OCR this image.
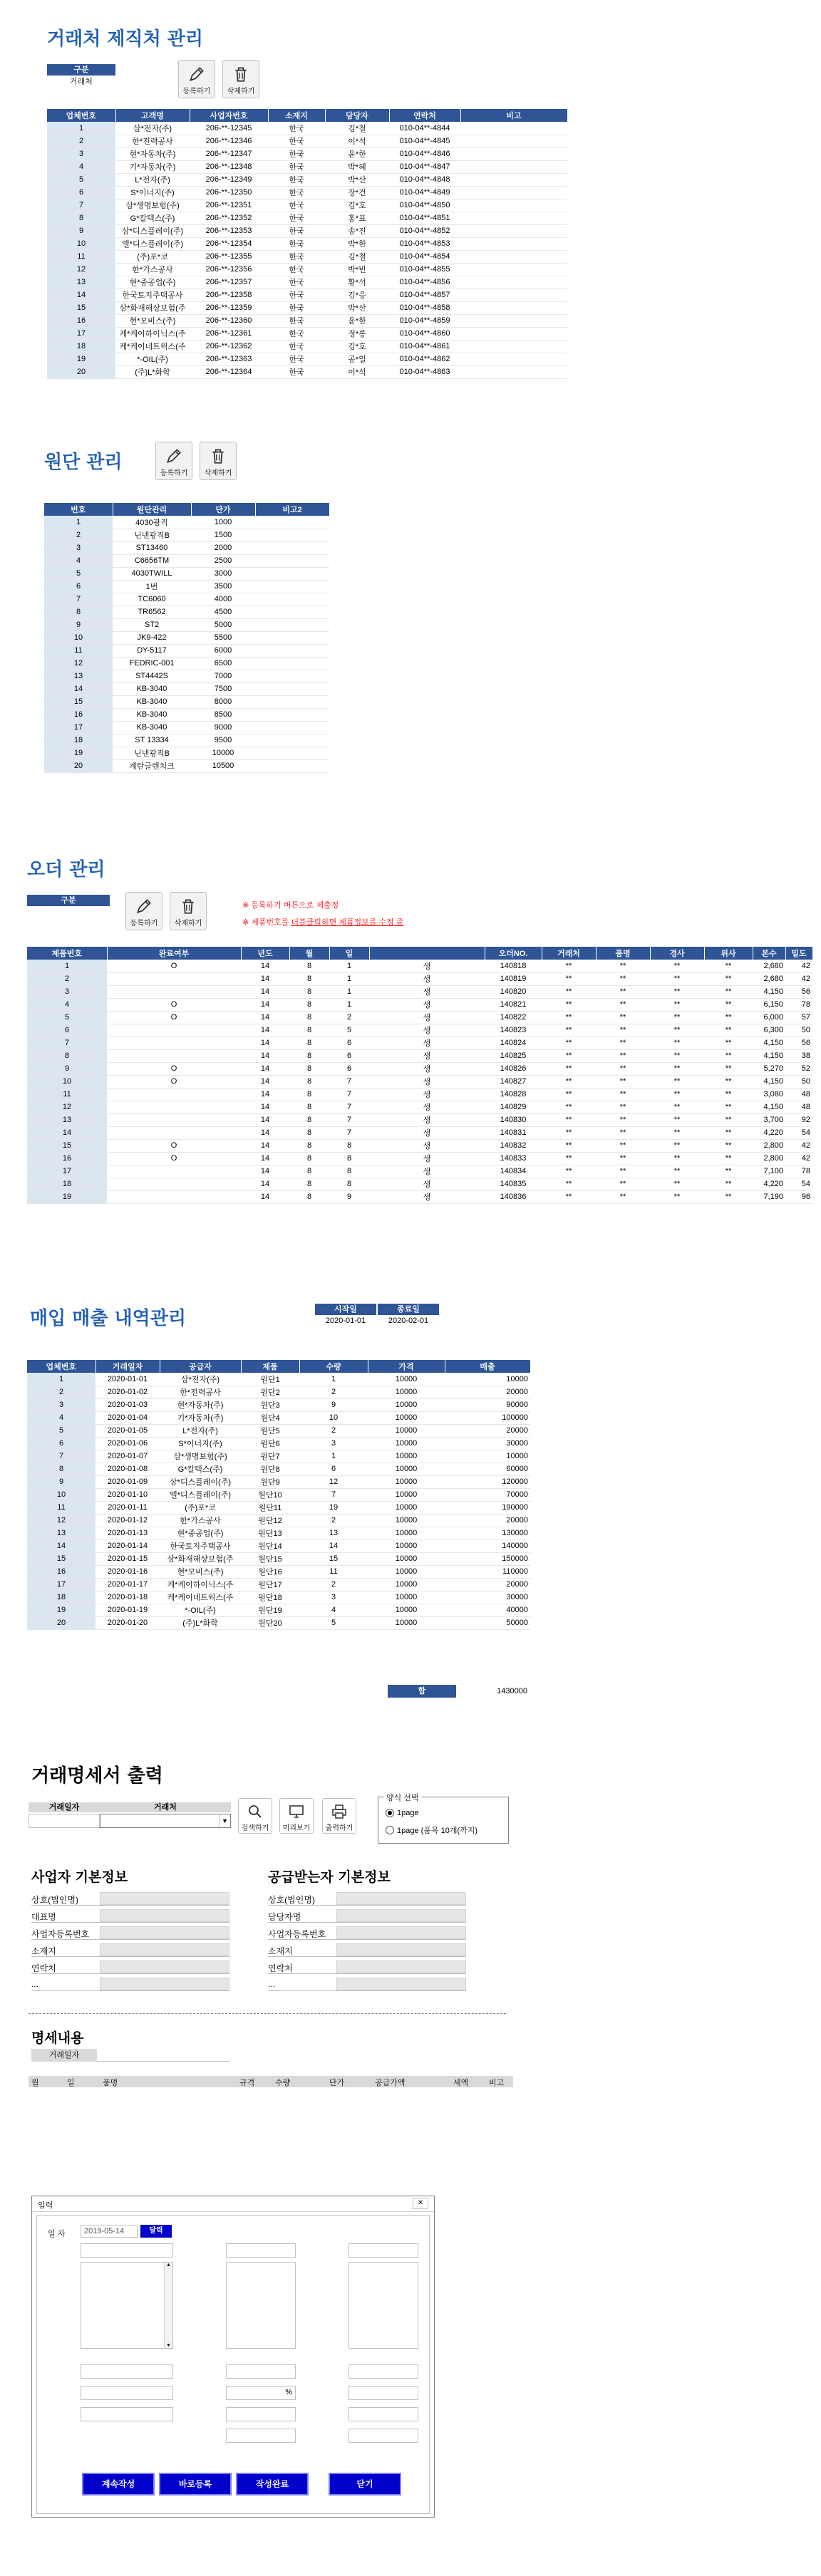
거래처 제직처 관리
구분
거래처
등록하기	삭제하기
업체번호	고객명	사업자번호	소재지	담당자	연락처	비고
1	삼*전자(주)	206-**-12345	한국	김*철	010-04**-4844	
2	한*전력공사	206-**-12346	한국	이*석	010-04**-4845	
3	현*자동차(주)	206-**-12347	한국	윤*한	010-04**-4846	
4	기*자동차(주)	206-**-12348	한국	박*혜	010-04**-4847	
5	L*전자(주)	206-**-12349	한국	박*산	010-04**-4848	
6	S*이너지(주)	206-**-12350	한국	장*건	010-04**-4849	
7	삼*생명보험(주)	206-**-12351	한국	김*호	010-04**-4850	
8	G*칼텍스(주)	206-**-12352	한국	홍*표	010-04**-4851	
9	삼*디스플레이(주)	206-**-12353	한국	송*진	010-04**-4852	
10	엘*디스플레이(주)	206-**-12354	한국	박*한	010-04**-4853	
11	(주)포*코	206-**-12355	한국	김*철	010-04**-4854	
12	한*가스공사	206-**-12356	한국	박*빈	010-04**-4855	
13	현*중공업(주)	206-**-12357	한국	황*석	010-04**-4856	
14	한국토지주택공사	206-**-12358	한국	김*응	010-04**-4857	
15	삼*화재해상보험(주	206-**-12359	한국	박*산	010-04**-4858	
16	현*모비스(주)	206-**-12360	한국	윤*한	010-04**-4859	
17	케*케이하이닉스(주	206-**-12361	한국	정*롱	010-04**-4860	
18	케*케이네트웍스(주	206-**-12362	한국	김*호	010-04**-4861	
19	*-OIL(주)	206-**-12363	한국	공*일	010-04**-4862	
20	(주)L*화학	206-**-12364	한국	이*석	010-04**-4863	
원단 관리
등록하기	삭제하기
번호	원단관리	단가	비고2
1	4030광직	1000	
2	닌넨광직B	1500	
3	ST13460	2000	
4	C6656TM	2500	
5	4030TWILL	3000	
6	1번	3500	
7	TC6060	4000	
8	TR6562	4500	
9	ST2	5000	
10	JK9-422	5500	
11	DY-5117	6000	
12	FEDRIC-001	6500	
13	ST4442S	7000	
14	KB-3040	7500	
15	KB-3040	8000	
16	KB-3040	8500	
17	KB-3040	9000	
18	ST 13334	9500	
19	닌넨광직B	10000	
20	계란글렌치크	10500	
오더 관리
구분
등록하기	삭제하기
※ 등록하기 버튼으로 제출정
※ 제품번호를 더블클릭하면 제품정보를 수정 중
제품번호	완료여부	년도	월	일		오더NO.	거래처	품명	경사	위사	본수	밀도
1	O	14	8	1	생	140818	**	**	**	**	2,680	42
2		14	8	1	생	140819	**	**	**	**	2,680	42
3		14	8	1	생	140820	**	**	**	**	4,150	56
4	O	14	8	1	생	140821	**	**	**	**	6,150	78
5	O	14	8	2	생	140822	**	**	**	**	6,000	57
6		14	8	5	생	140823	**	**	**	**	6,300	50
7		14	8	6	생	140824	**	**	**	**	4,150	56
8		14	8	6	생	140825	**	**	**	**	4,150	38
9	O	14	8	6	생	140826	**	**	**	**	5,270	52
10	O	14	8	7	생	140827	**	**	**	**	4,150	50
11		14	8	7	생	140828	**	**	**	**	3,080	48
12		14	8	7	생	140829	**	**	**	**	4,150	48
13		14	8	7	생	140830	**	**	**	**	3,700	92
14		14	8	7	생	140831	**	**	**	**	4,220	54
15	O	14	8	8	생	140832	**	**	**	**	2,800	42
16	O	14	8	8	생	140833	**	**	**	**	2,800	42
17		14	8	8	생	140834	**	**	**	**	7,100	78
18		14	8	8	생	140835	**	**	**	**	4,220	54
19		14	8	9	생	140836	**	**	**	**	7,190	96
매입 매출 내역관리	시작일
2020-01-01
종료일
2020-02-01
업체번호	거래일자	공급자	제품	수량	가격	매출
1	2020-01-01	삼*전자(주)	원단1	1	10000	10000
2	2020-01-02	한*전력공사	원단2	2	10000	20000
3	2020-01-03	현*자동차(주)	원단3	9	10000	90000
4	2020-01-04	기*자동차(주)	원단4	10	10000	100000
5	2020-01-05	L*전자(주)	원단5	2	10000	20000
6	2020-01-06	S*이너지(주)	원단6	3	10000	30000
7	2020-01-07	삼*생명보험(주)	원단7	1	10000	10000
8	2020-01-08	G*칼텍스(주)	원단8	6	10000	60000
9	2020-01-09	삼*디스플레이(주)	원단9	12	10000	120000
10	2020-01-10	엘*디스플레이(주)	원단10	7	10000	70000
11	2020-01-11	(주)포*코	원단11	19	10000	190000
12	2020-01-12	한*가스공사	원단12	2	10000	20000
13	2020-01-13	현*중공업(주)	원단13	13	10000	130000
14	2020-01-14	한국토지주택공사	원단14	14	10000	140000
15	2020-01-15	삼*화재해상보험(주	원단15	15	10000	150000
16	2020-01-16	현*모비스(주)	원단16	11	10000	110000
17	2020-01-17	케*케이하이닉스(주	원단17	2	10000	20000
18	2020-01-18	케*케이네트웍스(주	원단18	3	10000	30000
19	2020-01-19	*-OIL(주)	원단19	4	10000	40000
20	2020-01-20	(주)L*화학	원단20	5	10000	50000
합	1430000
거래명세서 출력
거래일자	거래처
▼
검색하기	미리보기	출력하기
양식 선택
1page
1page (품목 10개(까지)
사업자 기본정보	공급받는자 기본정보
상호(법인명)
대표명
사업자등록번호
소재지
연락처
...
상호(법인명)
담당자명
사업자등록번호
소재지
연락처
...
명세내용
거래일자
월	일	품명	규격	수량	단가	공급가액	세액	비고
입력	✕
일 자	2019-05-14	달력
▲
▼
%
계속작성	바로등록	작성완료	닫기
